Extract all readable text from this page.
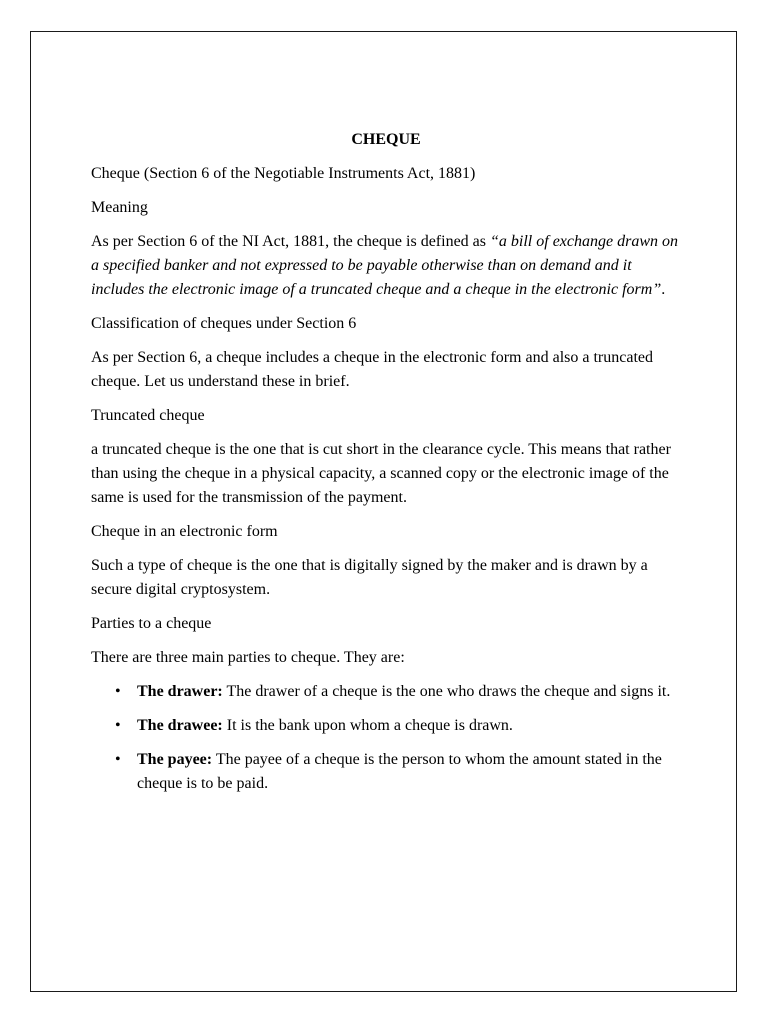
CHEQUE

Cheque (Section 6 of the Negotiable Instruments Act, 1881)

Meaning

As per Section 6 of the NI Act, 1881, the cheque is defined as “a bill of exchange drawn on a specified banker and not expressed to be payable otherwise than on demand and it includes the electronic image of a truncated cheque and a cheque in the electronic form”.

Classification of cheques under Section 6

As per Section 6, a cheque includes a cheque in the electronic form and also a truncated cheque. Let us understand these in brief.

Truncated cheque

a truncated cheque is the one that is cut short in the clearance cycle. This means that rather than using the cheque in a physical capacity, a scanned copy or the electronic image of the same is used for the transmission of the payment.

Cheque in an electronic form

Such a type of cheque is the one that is digitally signed by the maker and is drawn by a secure digital cryptosystem.

Parties to a cheque

There are three main parties to cheque. They are:

• The drawer: The drawer of a cheque is the one who draws the cheque and signs it.
• The drawee: It is the bank upon whom a cheque is drawn.
• The payee: The payee of a cheque is the person to whom the amount stated in the cheque is to be paid.
